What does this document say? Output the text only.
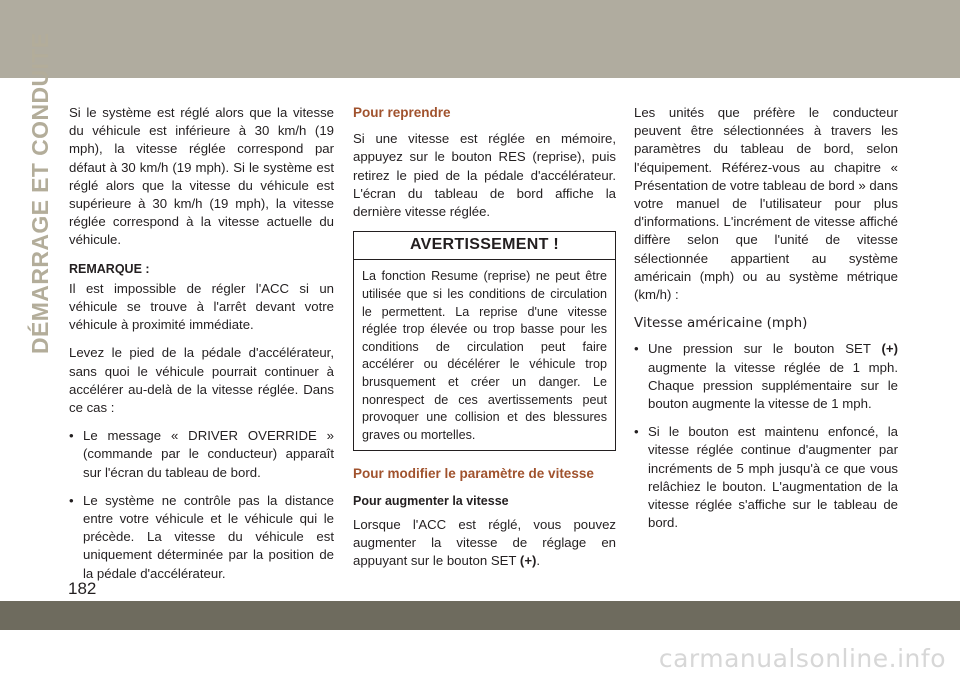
DÉMARRAGE ET CONDUITE Si le système est réglé alors que la vitesse du véhicule est inférieure à 30 km/h (19 mph), la vitesse réglée correspond par défaut à 30 km/h (19 mph). Si le système est réglé alors que la vitesse du véhicule est supérieure à 30 km/h (19 mph), la vitesse réglée correspond à la vitesse actuelle du véhicule.

REMARQUE :

Il est impossible de régler l'ACC si un véhicule se trouve à l'arrêt devant votre véhicule à proximité immédiate.

Levez le pied de la pédale d'accélérateur, sans quoi le véhicule pourrait continuer à accélérer au-delà de la vitesse réglée. Dans ce cas :

• Le message « DRIVER OVERRIDE » (commande par le conducteur) apparaît sur l'écran du tableau de bord.
• Le système ne contrôle pas la distance entre votre véhicule et le véhicule qui le précède. La vitesse du véhicule est uniquement déterminée par la position de la pédale d'accélérateur.
Pour reprendre

Si une vitesse est réglée en mémoire, appuyez sur le bouton RES (reprise), puis retirez le pied de la pédale d'accélérateur. L'écran du tableau de bord affiche la dernière vitesse réglée.

AVERTISSEMENT !
La fonction Resume (reprise) ne peut être utilisée que si les conditions de circulation le permettent. La reprise d'une vitesse réglée trop élevée ou trop basse pour les conditions de circulation peut faire accélérer ou décélérer le véhicule trop brusquement et créer un danger. Le nonrespect de ces avertissements peut provoquer une collision et des blessures graves ou mortelles.
Pour modifier le paramètre de vitesse
Pour augmenter la vitesse

Lorsque l'ACC est réglé, vous pouvez augmenter la vitesse de réglage en appuyant sur le bouton SET (+).

Les unités que préfère le conducteur peuvent être sélectionnées à travers les paramètres du tableau de bord, selon l'équipement. Référez-vous au chapitre « Présentation de votre tableau de bord » dans votre manuel de l'utilisateur pour plus d'informations. L'incrément de vitesse affiché diffère selon que l'unité de vitesse sélectionnée appartient au système américain (mph) ou au système métrique (km/h) :

Vitesse américaine (mph)
• Une pression sur le bouton SET (+) augmente la vitesse réglée de 1 mph. Chaque pression supplémentaire sur le bouton augmente la vitesse de 1 mph.
• Si le bouton est maintenu enfoncé, la vitesse réglée continue d'augmenter par incréments de 5 mph jusqu'à ce que vous relâchiez le bouton. L'augmentation de la vitesse réglée s'affiche sur le tableau de bord.
182
carmanualsonline.info
